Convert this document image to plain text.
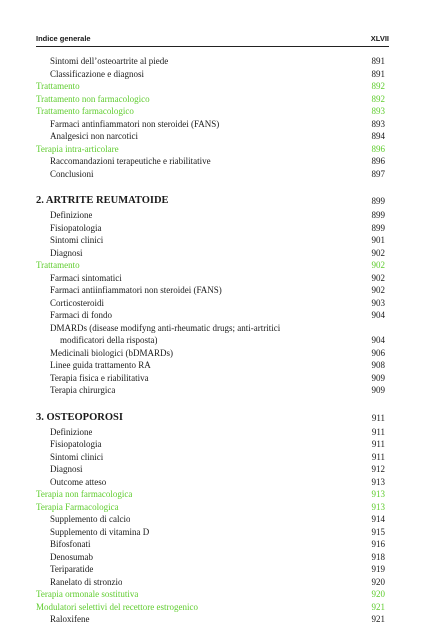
Indice generale	XLVII
Sintomi dell’osteoartrite al piede	891
Classificazione e diagnosi	891
Trattamento	892
Trattamento non farmacologico	892
Trattamento farmacologico	893
Farmaci antinfiammatori non steroidei (FANS)	893
Analgesici non narcotici	894
Terapia intra-articolare	896
Raccomandazioni terapeutiche e riabilitative	896
Conclusioni	897
2. ARTRITE REUMATOIDE	899
Definizione	899
Fisiopatologia	899
Sintomi clinici	901
Diagnosi	902
Trattamento	902
Farmaci sintomatici	902
Farmaci antiinfiammatori non steroidei (FANS)	902
Corticosteroidi	903
Farmaci di fondo	904
DMARDs (disease modifyng anti-rheumatic drugs; anti-artritici
modificatori della risposta)	904
Medicinali biologici (bDMARDs)	906
Linee guida trattamento RA	908
Terapia fisica e riabilitativa	909
Terapia chirurgica	909
3. OSTEOPOROSI	911
Definizione	911
Fisiopatologia	911
Sintomi clinici	911
Diagnosi	912
Outcome atteso	913
Terapia non farmacologica	913
Terapia Farmacologica	913
Supplemento di calcio	914
Supplemento di vitamina D	915
Bifosfonati	916
Denosumab	918
Teriparatide	919
Ranelato di stronzio	920
Terapia ormonale sostitutiva	920
Modulatori selettivi del recettore estrogenico	921
Raloxifene	921
